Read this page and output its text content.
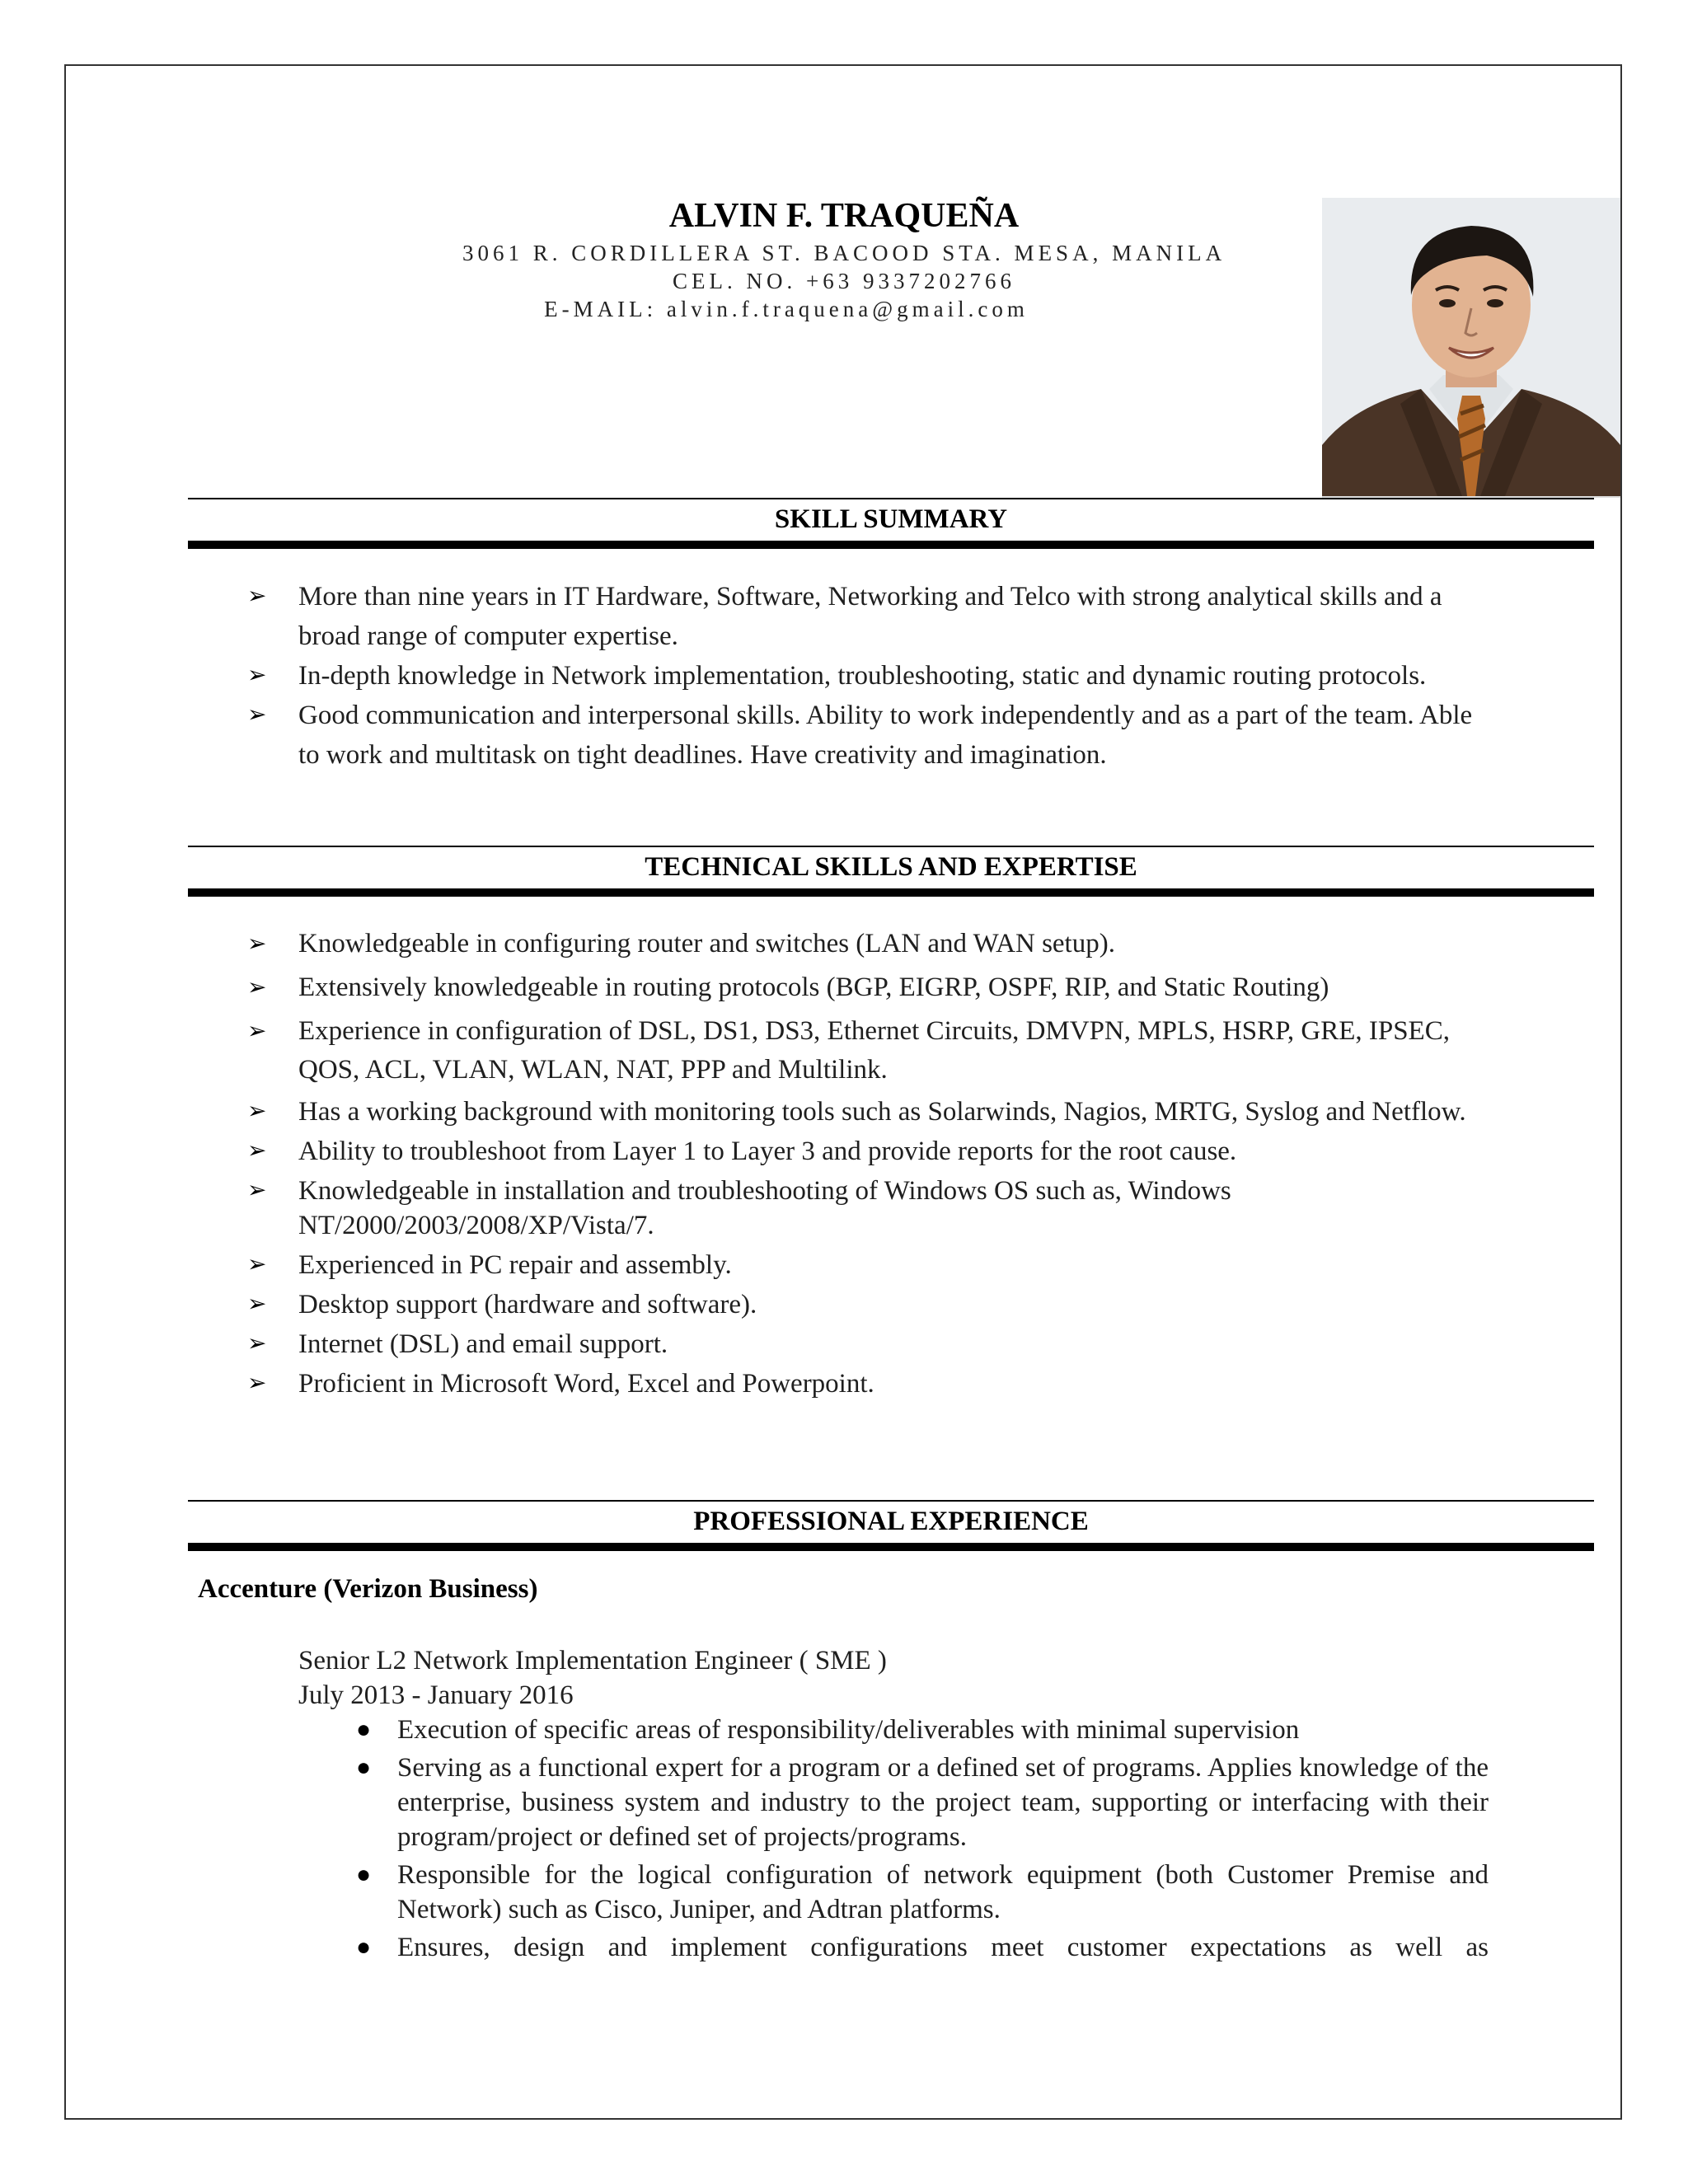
ALVIN F. TRAQUEÑA
3061 R. CORDILLERA ST. BACOOD STA. MESA, MANILA
CEL. NO. +63 9337202766
E-MAIL: alvin.f.traquena@gmail.com
SKILL SUMMARY
➢ More than nine years in IT Hardware, Software, Networking and Telco with strong analytical skills and a broad range of computer expertise.
➢ In-depth knowledge in Network implementation, troubleshooting, static and dynamic routing protocols.
➢ Good communication and interpersonal skills. Ability to work independently and as a part of the team. Able to work and multitask on tight deadlines. Have creativity and imagination.
TECHNICAL SKILLS AND EXPERTISE
➢ Knowledgeable in configuring router and switches (LAN and WAN setup).
➢ Extensively knowledgeable in routing protocols (BGP, EIGRP, OSPF, RIP, and Static Routing)
➢ Experience in configuration of DSL, DS1, DS3, Ethernet Circuits, DMVPN, MPLS, HSRP, GRE, IPSEC, QOS, ACL, VLAN, WLAN, NAT, PPP and Multilink.
➢ Has a working background with monitoring tools such as Solarwinds, Nagios, MRTG, Syslog and Netflow.
➢ Ability to troubleshoot from Layer 1 to Layer 3 and provide reports for the root cause.
➢ Knowledgeable in installation and troubleshooting of Windows OS such as, Windows NT/2000/2003/2008/XP/Vista/7.
➢ Experienced in PC repair and assembly.
➢ Desktop support (hardware and software).
➢ Internet (DSL) and email support.
➢ Proficient in Microsoft Word, Excel and Powerpoint.
PROFESSIONAL EXPERIENCE
Accenture (Verizon Business)
Senior L2 Network Implementation Engineer ( SME )
July 2013 - January 2016
● Execution of specific areas of responsibility/deliverables with minimal supervision
● Serving as a functional expert for a program or a defined set of programs. Applies knowledge of the enterprise, business system and industry to the project team, supporting or interfacing with their program/project or defined set of projects/programs.
● Responsible for the logical configuration of network equipment (both Customer Premise and Network) such as Cisco, Juniper, and Adtran platforms.
● Ensures, design and implement configurations meet customer expectations as well as
